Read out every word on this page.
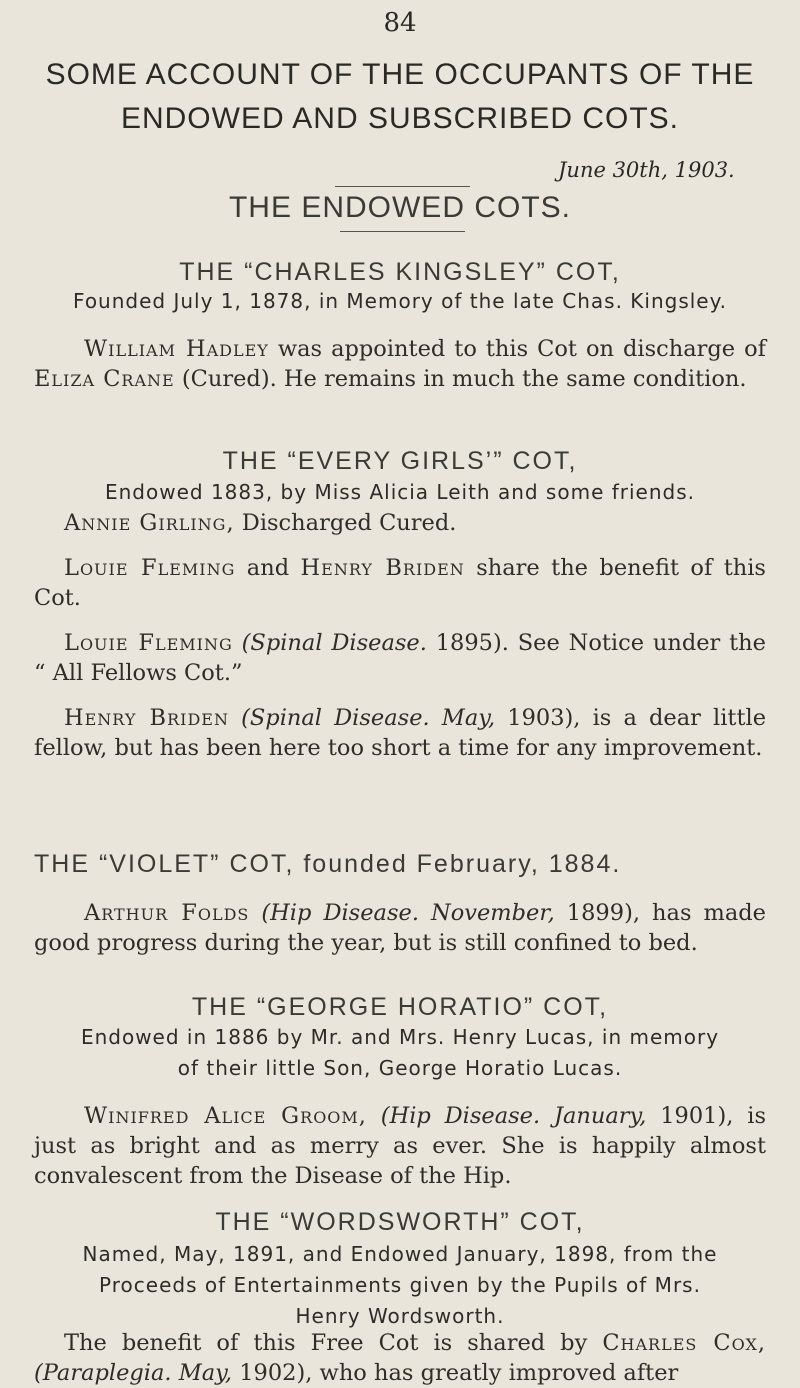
84
SOME ACCOUNT OF THE OCCUPANTS OF THE
ENDOWED AND SUBSCRIBED COTS.
June 30th, 1903.
THE ENDOWED COTS.
THE “CHARLES KINGSLEY” COT,
Founded July 1, 1878, in Memory of the late Chas. Kingsley.
William Hadley was appointed to this Cot on discharge of Eliza Crane (Cured). He remains in much the same condition.
THE “EVERY GIRLS’” COT,
Endowed 1883, by Miss Alicia Leith and some friends.
Annie Girling, Discharged Cured.
Louie Fleming and Henry Briden share the benefit of this Cot.
Louie Fleming (Spinal Disease. 1895). See Notice under the “ All Fellows Cot.”
Henry Briden (Spinal Disease. May, 1903), is a dear little fellow, but has been here too short a time for any improvement.
THE “VIOLET” COT, founded February, 1884.
Arthur Folds (Hip Disease. November, 1899), has made good progress during the year, but is still confined to bed.
THE “GEORGE HORATIO” COT,
Endowed in 1886 by Mr. and Mrs. Henry Lucas, in memory
of their little Son, George Horatio Lucas.
Winifred Alice Groom, (Hip Disease. January, 1901), is just as bright and as merry as ever. She is happily almost convalescent from the Disease of the Hip.
THE “WORDSWORTH” COT,
Named, May, 1891, and Endowed January, 1898, from the
Proceeds of Entertainments given by the Pupils of Mrs.
Henry Wordsworth.
The benefit of this Free Cot is shared by Charles Cox, (Paraplegia. May, 1902), who has greatly improved after
